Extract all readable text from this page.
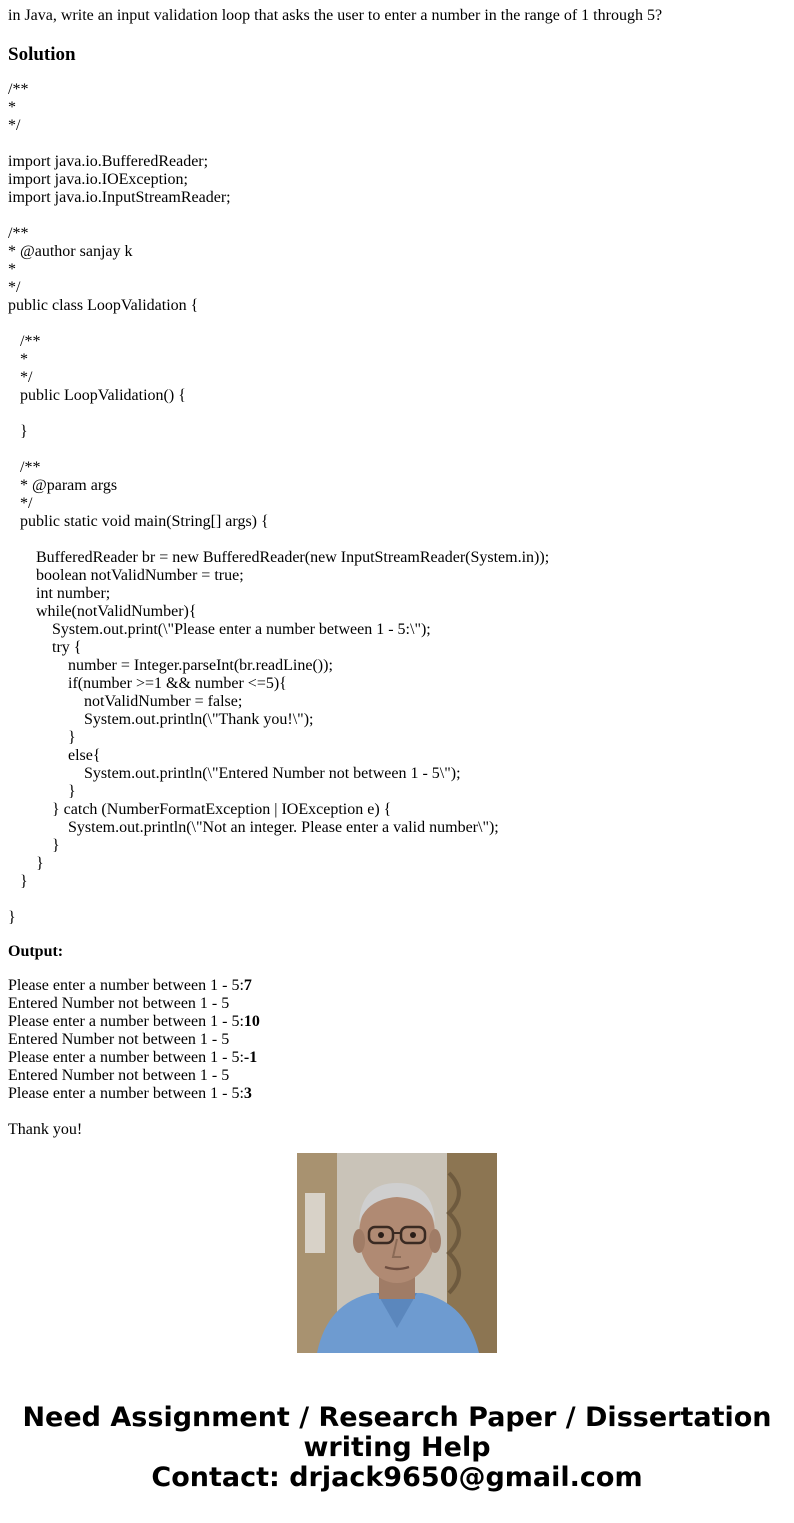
in Java, write an input validation loop that asks the user to enter a number in the range of 1 through 5?
Solution
/**
*
*/
import java.io.BufferedReader;
import java.io.IOException;
import java.io.InputStreamReader;
/**
* @author sanjay k
*
*/
public class LoopValidation {
/**
*
*/
public LoopValidation() {
}
/**
* @param args
*/
public static void main(String[] args) {
BufferedReader br = new BufferedReader(new InputStreamReader(System.in));
boolean notValidNumber = true;
int number;
while(notValidNumber){
System.out.print(\"Please enter a number between 1 - 5:\");
try {
number = Integer.parseInt(br.readLine());
if(number >=1 && number <=5){
notValidNumber = false;
System.out.println(\"Thank you!\");
}
else{
System.out.println(\"Entered Number not between 1 - 5\");
}
} catch (NumberFormatException | IOException e) {
System.out.println(\"Not an integer. Please enter a valid number\");
}
}
}
}
Output:
Please enter a number between 1 - 5:7
Entered Number not between 1 - 5
Please enter a number between 1 - 5:10
Entered Number not between 1 - 5
Please enter a number between 1 - 5:-1
Entered Number not between 1 - 5
Please enter a number between 1 - 5:3
Thank you!
Need Assignment / Research Paper / Dissertation
writing Help
Contact: drjack9650@gmail.com
